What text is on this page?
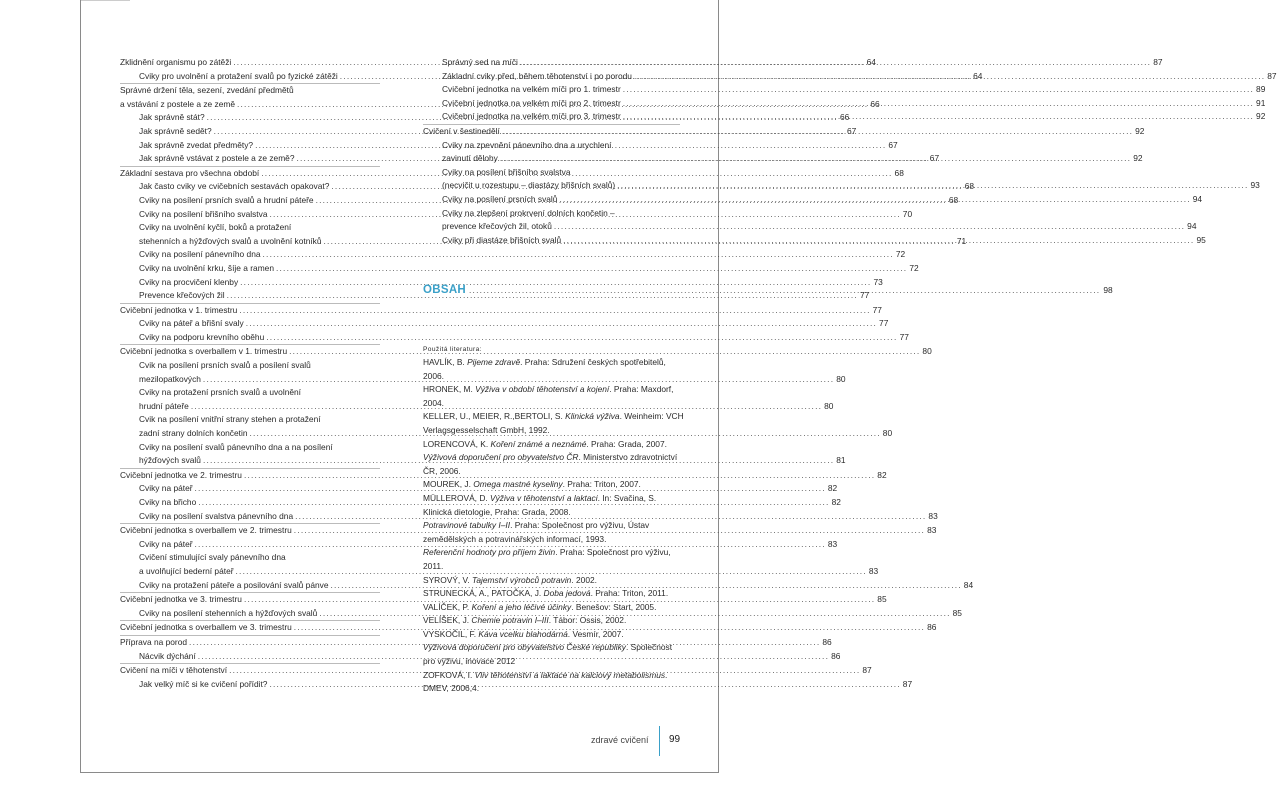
Zklidnění organismu po zátěži .....	64
Cviky pro uvolnění a protažení svalů po fyzické zátěži .....	64
Správné držení těla, sezení, zvedání předmětů
a vstávání z postele a ze země .....	66
Jak správně stát? .....	66
Jak správně sedět? .....	67
Jak správně zvedat předměty? .....	67
Jak správně vstávat z postele a ze země? .....	67
Základní sestava pro všechna období .....	68
Jak často cviky ve cvičebních sestavách opakovat? .....	68
Cviky na posílení prsních svalů a hrudní páteře .....	68
Cviky na posílení břišního svalstva .....	70
Cviky na uvolnění kyčlí, boků a protažení
stehenních a hýžďových svalů a uvolnění kotníků .....	71
Cviky na posílení pánevního dna .....	72
Cviky na uvolnění krku, šíje a ramen .....	72
Cviky na procvičení klenby .....	73
Prevence křečových žil .....	77
Cvičební jednotka v 1. trimestru .....	77
Cviky na páteř a břišní svaly .....	77
Cviky na podporu krevního oběhu .....	77
Cvičební jednotka s overballem v 1. trimestru .....	80
Cvik na posílení prsních svalů a posílení svalů
mezilopatkových .....	80
Cviky na protažení prsních svalů a uvolnění
hrudní páteře .....	80
Cvik na posílení vnitřní strany stehen a protažení
zadní strany dolních končetin .....	80
Cviky na posílení svalů pánevního dna a na posílení
hýžďových svalů .....	81
Cvičební jednotka ve 2. trimestru .....	82
Cviky na páteř .....	82
Cviky na břicho .....	82
Cviky na posílení svalstva pánevního dna .....	83
Cvičební jednotka s overballem ve 2. trimestru .....	83
Cviky na páteř .....	83
Cvičení stimulující svaly pánevního dna
a uvolňující bederní páteř .....	83
Cviky na protažení páteře a posilování svalů pánve .....	84
Cvičební jednotka ve 3. trimestru .....	85
Cviky na posílení stehenních a hýžďových svalů .....	85
Cvičební jednotka s overballem ve 3. trimestru .....	86
Příprava na porod .....	86
Nácvik dýchání .....	86
Cvičení na míči v těhotenství .....	87
Jak velký míč si ke cvičení pořídit? .....	87
Správný sed na míči .....	87
Základní cviky před, během těhotenství i po porodu .....	87
Cvičební jednotka na velkém míči pro 1. trimestr .....	89
Cvičební jednotka na velkém míči pro 2. trimestr .....	91
Cvičební jednotka na velkém míči pro 3. trimestr .....	92
Cvičení v šestinedělí .....	92
Cviky na zpevnění pánevního dna a urychlení
zavinutí dělohy .....	92
Cviky na posílení břišního svalstva
(necvičit u rozestupu – diastázy břišních svalů) .....	93
Cviky na posílení prsních svalů .....	94
Cviky na zlepšení prokrvení dolních končetin –
prevence křečových žil, otoků .....	94
Cviky při diastáze břišních svalů .....	95
OBSAH .....	98
Použitá literatura:
HAVLÍK, B. Pijeme zdravě. Praha: Sdružení českých spotřebitelů, 2006.
HRONEK, M. Výživa v období těhotenství a kojení. Praha: Maxdorf, 2004.
KELLER, U., MEIER, R.,BERTOLI, S. Klinická výživa. Weinheim: VCH Verlagsgesselschaft GmbH, 1992.
LORENCOVÁ, K. Koření známé a neznámé. Praha: Grada, 2007.
Výživová doporučení pro obyvatelstvo ČR. Ministerstvo zdravotnictví ČR, 2006.
MOUREK, J. Omega mastné kyseliny. Praha: Triton, 2007.
MÜLLEROVÁ, D. Výživa v těhotenství a laktaci. In: Svačina, S. Klinická dietologie, Praha: Grada, 2008.
Potravinové tabulky I–II. Praha: Společnost pro výživu, Ústav zemědělských a potravinářských informací, 1993.
Referenční hodnoty pro příjem živin. Praha: Společnost pro výživu, 2011.
SYROVÝ, V. Tajemství výrobců potravin. 2002.
STRUNECKÁ, A., PATOČKA, J. Doba jedová. Praha: Triton, 2011.
VALÍČEK, P. Koření a jeho léčivé účinky. Benešov: Start, 2005.
VELÍŠEK, J. Chemie potravin I–III. Tábor: Ossis, 2002.
VYSKOČIL, F. Káva vcelku blahodárná. Vesmír, 2007.
Výživová doporučení pro obyvatelstvo České republiky. Společnost pro výživu, inovace 2012
ZOFKOVÁ, I. Vliv těhotenství a laktace na kalciový metabolismus. DMEV, 2006,4.
zdravé cvičení 99
